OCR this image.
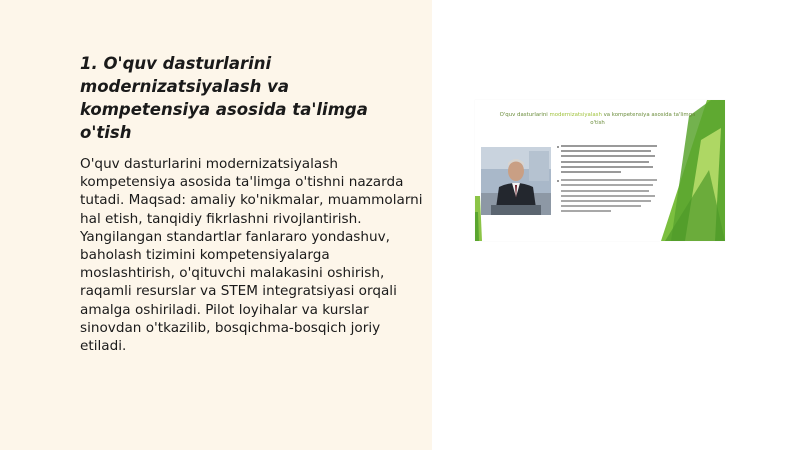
1. O'quv dasturlarini modernizatsiyalash va kompetensiya asosida ta'limga o'tish

O'quv dasturlarini modernizatsiyalash kompetensiya asosida ta'limga o'tishni nazarda tutadi. Maqsad: amaliy ko'nikmalar, muammolarni hal etish, tanqidiy fikrlashni rivojlantirish. Yangilangan standartlar fanlararo yondashuv, baholash tizimini kompetensiyalarga moslashtirish, o'qituvchi malakasini oshirish, raqamli resurslar va STEM integratsiyasi orqali amalga oshiriladi. Pilot loyihalar va kurslar sinovdan o'tkazilib, bosqichma-bosqich joriy etiladi.

O'quv dasturlarini modernizatsiyalash va kompetensiya asosida ta'limga o'tish
